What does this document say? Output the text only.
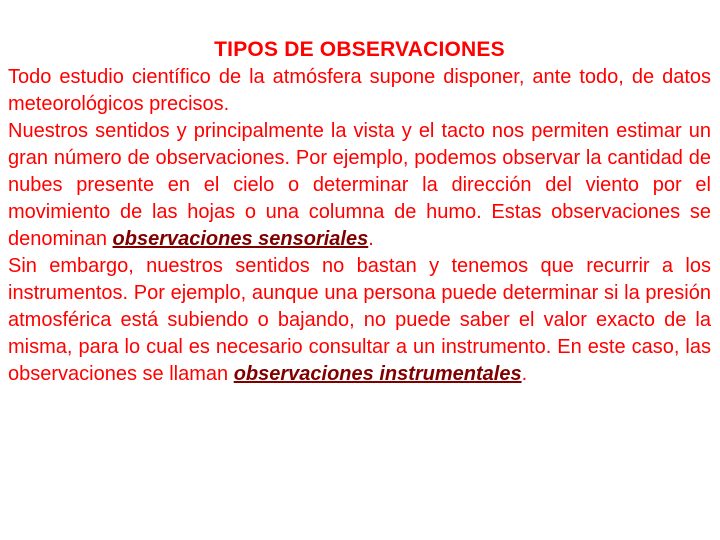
TIPOS DE OBSERVACIONES

Todo estudio científico de la atmósfera supone disponer, ante todo, de datos meteorológicos precisos.

Nuestros sentidos y principalmente la vista y el tacto nos permiten estimar un gran número de observaciones. Por ejemplo, podemos observar la cantidad de nubes presente en el cielo o determinar la dirección del viento por el movimiento de las hojas o una columna de humo. Estas observaciones se denominan observaciones sensoriales.

Sin embargo, nuestros sentidos no bastan y tenemos que recurrir a los instrumentos. Por ejemplo, aunque una persona puede determinar si la presión atmosférica está subiendo o bajando, no puede saber el valor exacto de la misma, para lo cual es necesario consultar a un instrumento. En este caso, las observaciones se llaman observaciones instrumentales.
